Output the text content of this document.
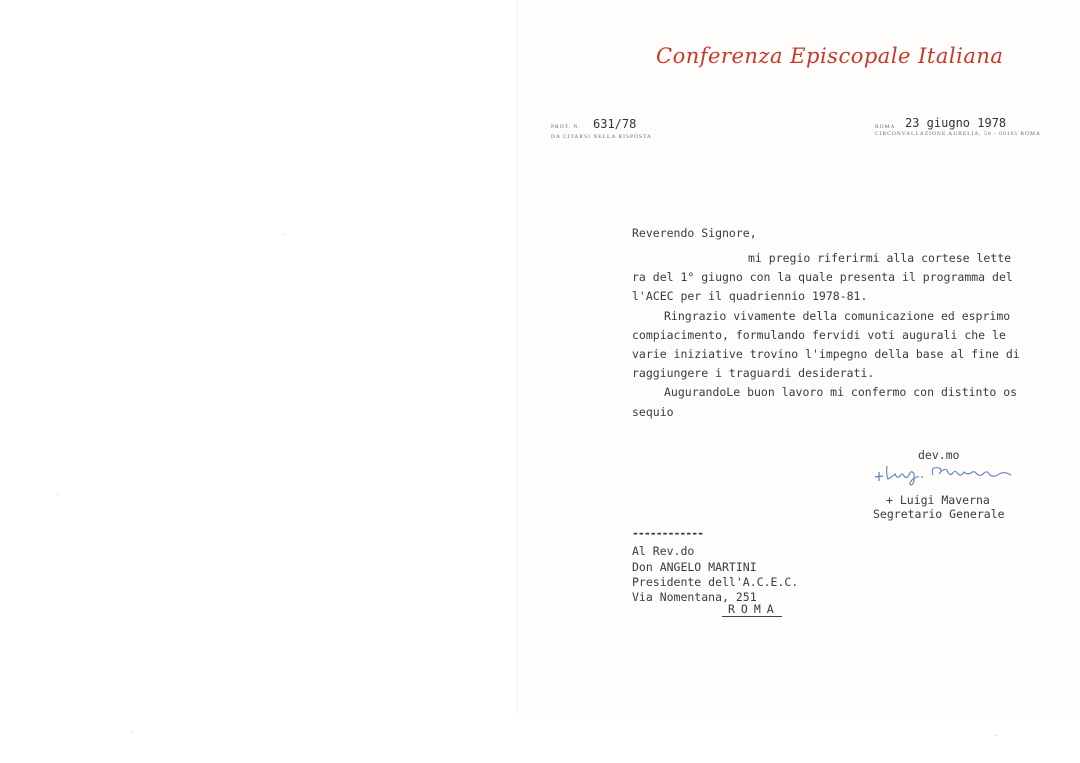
Conferenza Episcopale Italiana

PROT. N. 631/78
DA CITARSI NELLA RISPOSTA
ROMA 23 giugno 1978
CIRCONVALLAZIONE AURELIA, 50 - 00165 ROMA

Reverendo Signore,

mi pregio riferirmi alla cortese lette

ra del 1° giugno con la quale presenta il programma del

l'ACEC per il quadriennio 1978-81.

Ringrazio vivamente della comunicazione ed esprimo

compiacimento, formulando fervidi voti augurali che le

varie iniziative trovino l'impegno della base al fine di

raggiungere i traguardi desiderati.

AugurandoLe buon lavoro mi confermo con distinto os

sequio

dev.mo

+ Luigi Maverna

Segretario Generale

------------

Al Rev.do

Don ANGELO MARTINI

Presidente dell'A.C.E.C.

Via Nomentana, 251

ROMA
